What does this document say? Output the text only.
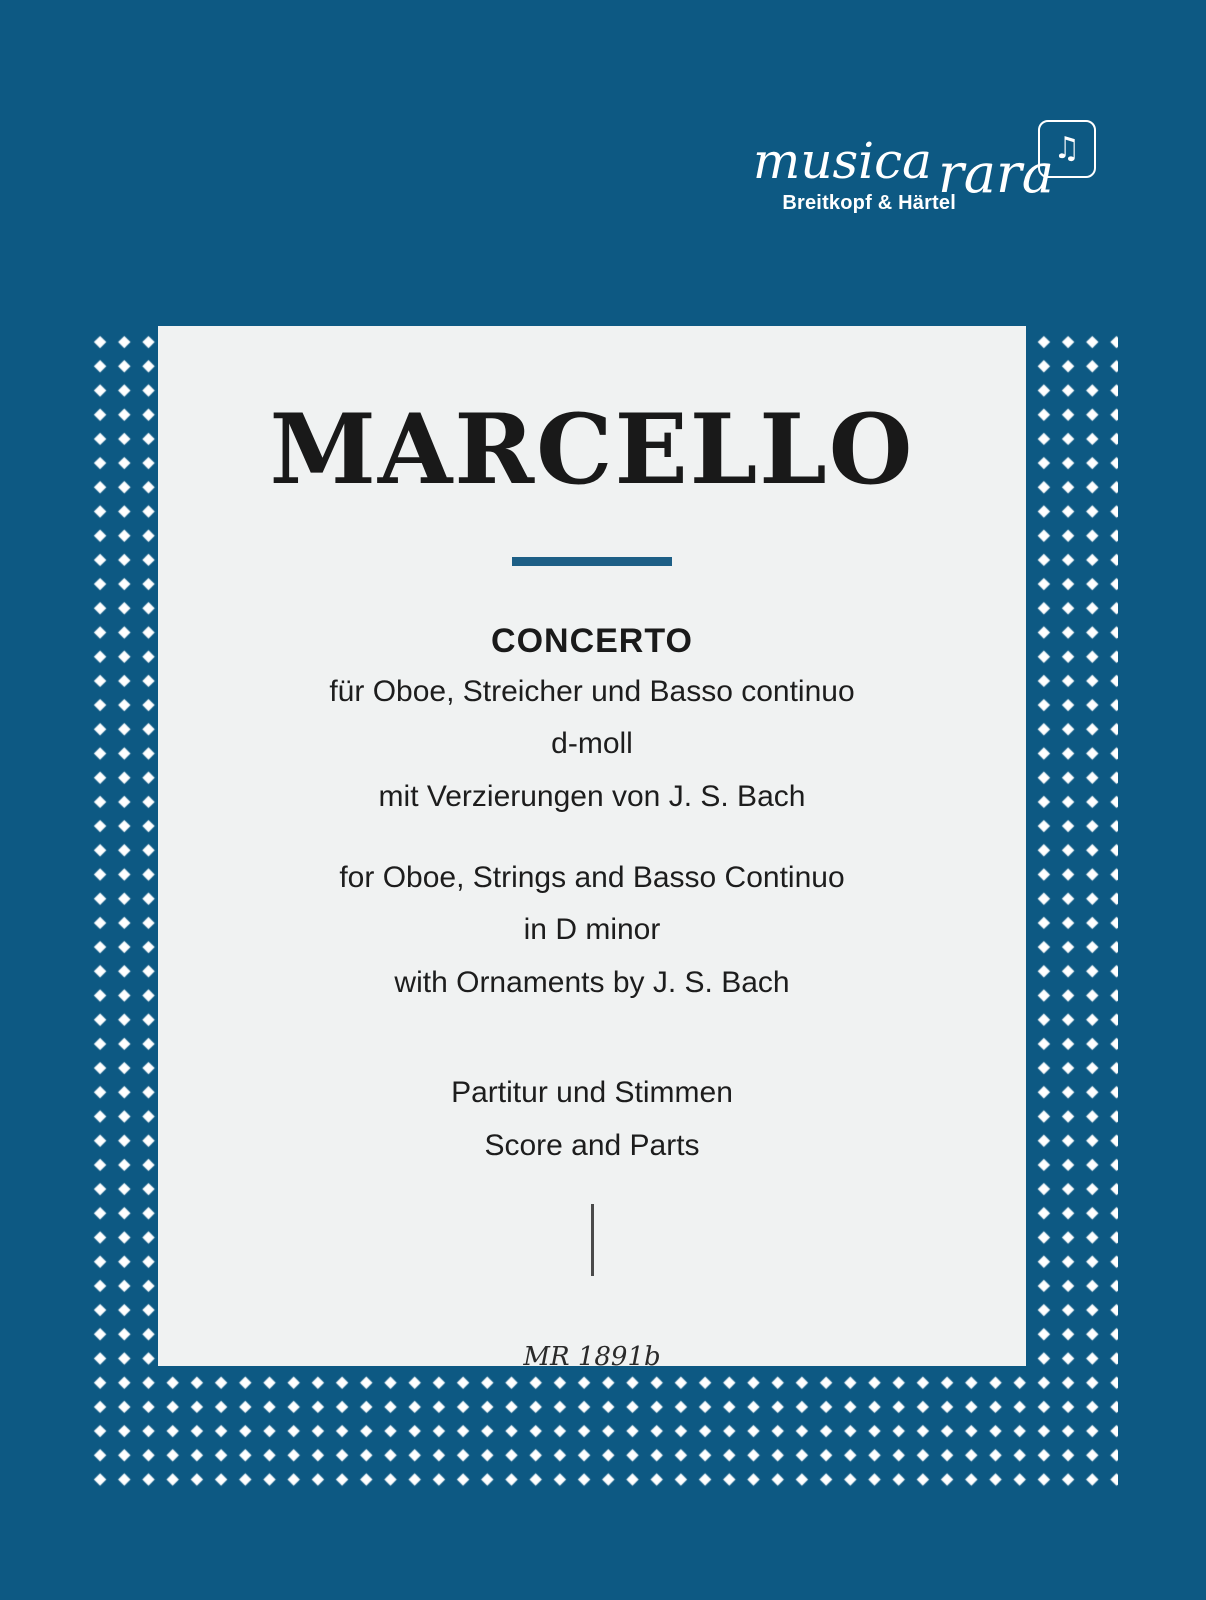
musica rara
Breitkopf & Härtel
♫
MARCELLO
CONCERTO

für Oboe, Streicher und Basso continuo

d-moll

mit Verzierungen von J. S. Bach

for Oboe, Strings and Basso Continuo

in D minor

with Ornaments by J. S. Bach

Partitur und Stimmen

Score and Parts

MR 1891b
